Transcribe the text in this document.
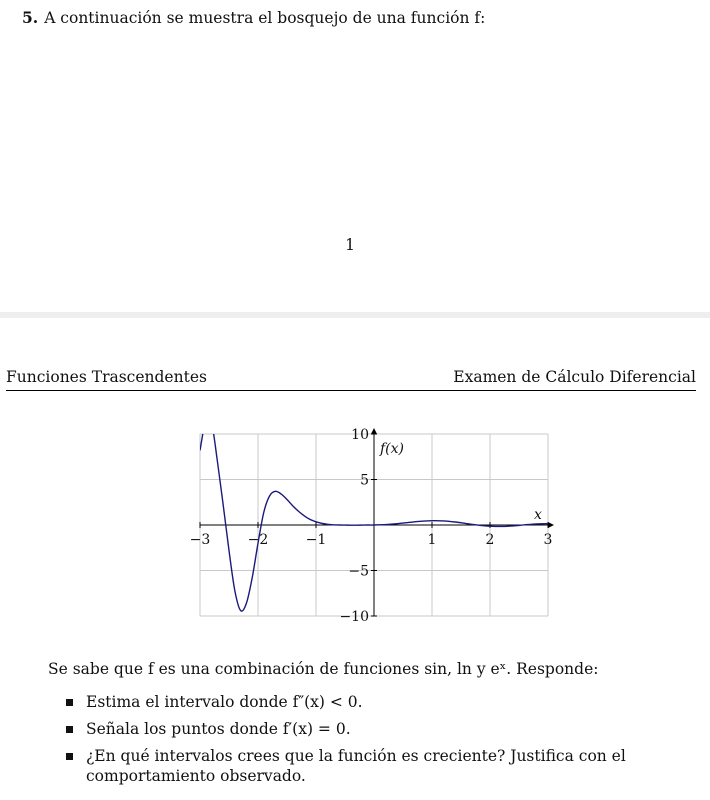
5. A continuación se muestra el bosquejo de una función f:
1
Funciones Trascendentes	Examen de Cálculo Diferencial
−3	−2	−1	1	2	3
10
5
−5
−10
x
f(x)
Se sabe que f es una combinación de funciones sin, ln y eˣ. Responde:
Estima el intervalo donde f″(x) < 0.
Señala los puntos donde f′(x) = 0.
¿En qué intervalos crees que la función es creciente? Justifica con el comportamiento observado.
